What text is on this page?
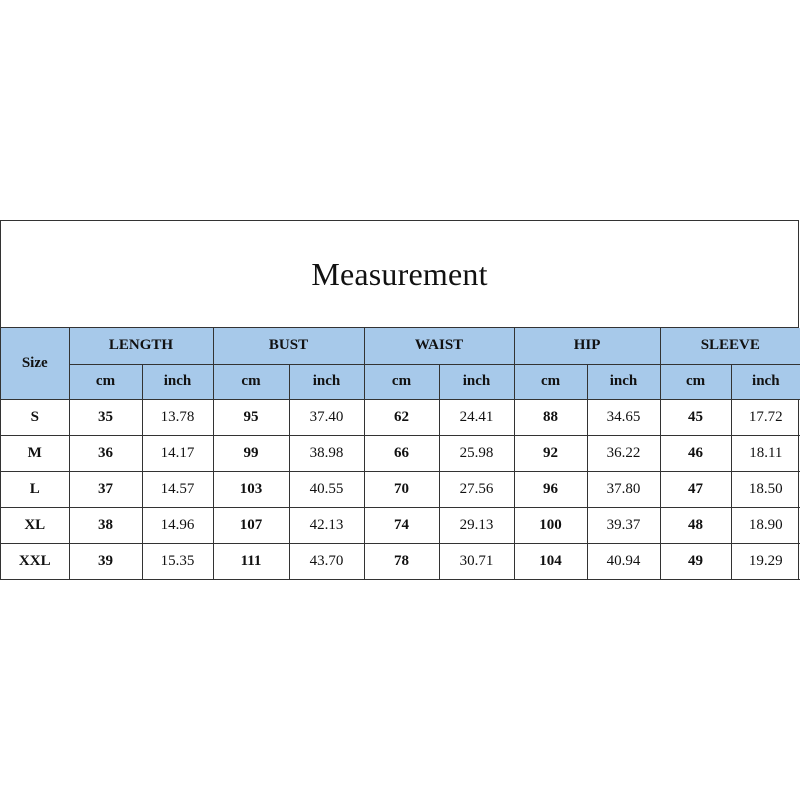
Measurement
Size	LENGTH		BUST		WAIST		HIP		SLEEVE	
	cm	inch	cm	inch	cm	inch	cm	inch	cm	inch
S	35	13.78	95	37.40	62	24.41	88	34.65	45	17.72
M	36	14.17	99	38.98	66	25.98	92	36.22	46	18.11
L	37	14.57	103	40.55	70	27.56	96	37.80	47	18.50
XL	38	14.96	107	42.13	74	29.13	100	39.37	48	18.90
XXL	39	15.35	111	43.70	78	30.71	104	40.94	49	19.29
